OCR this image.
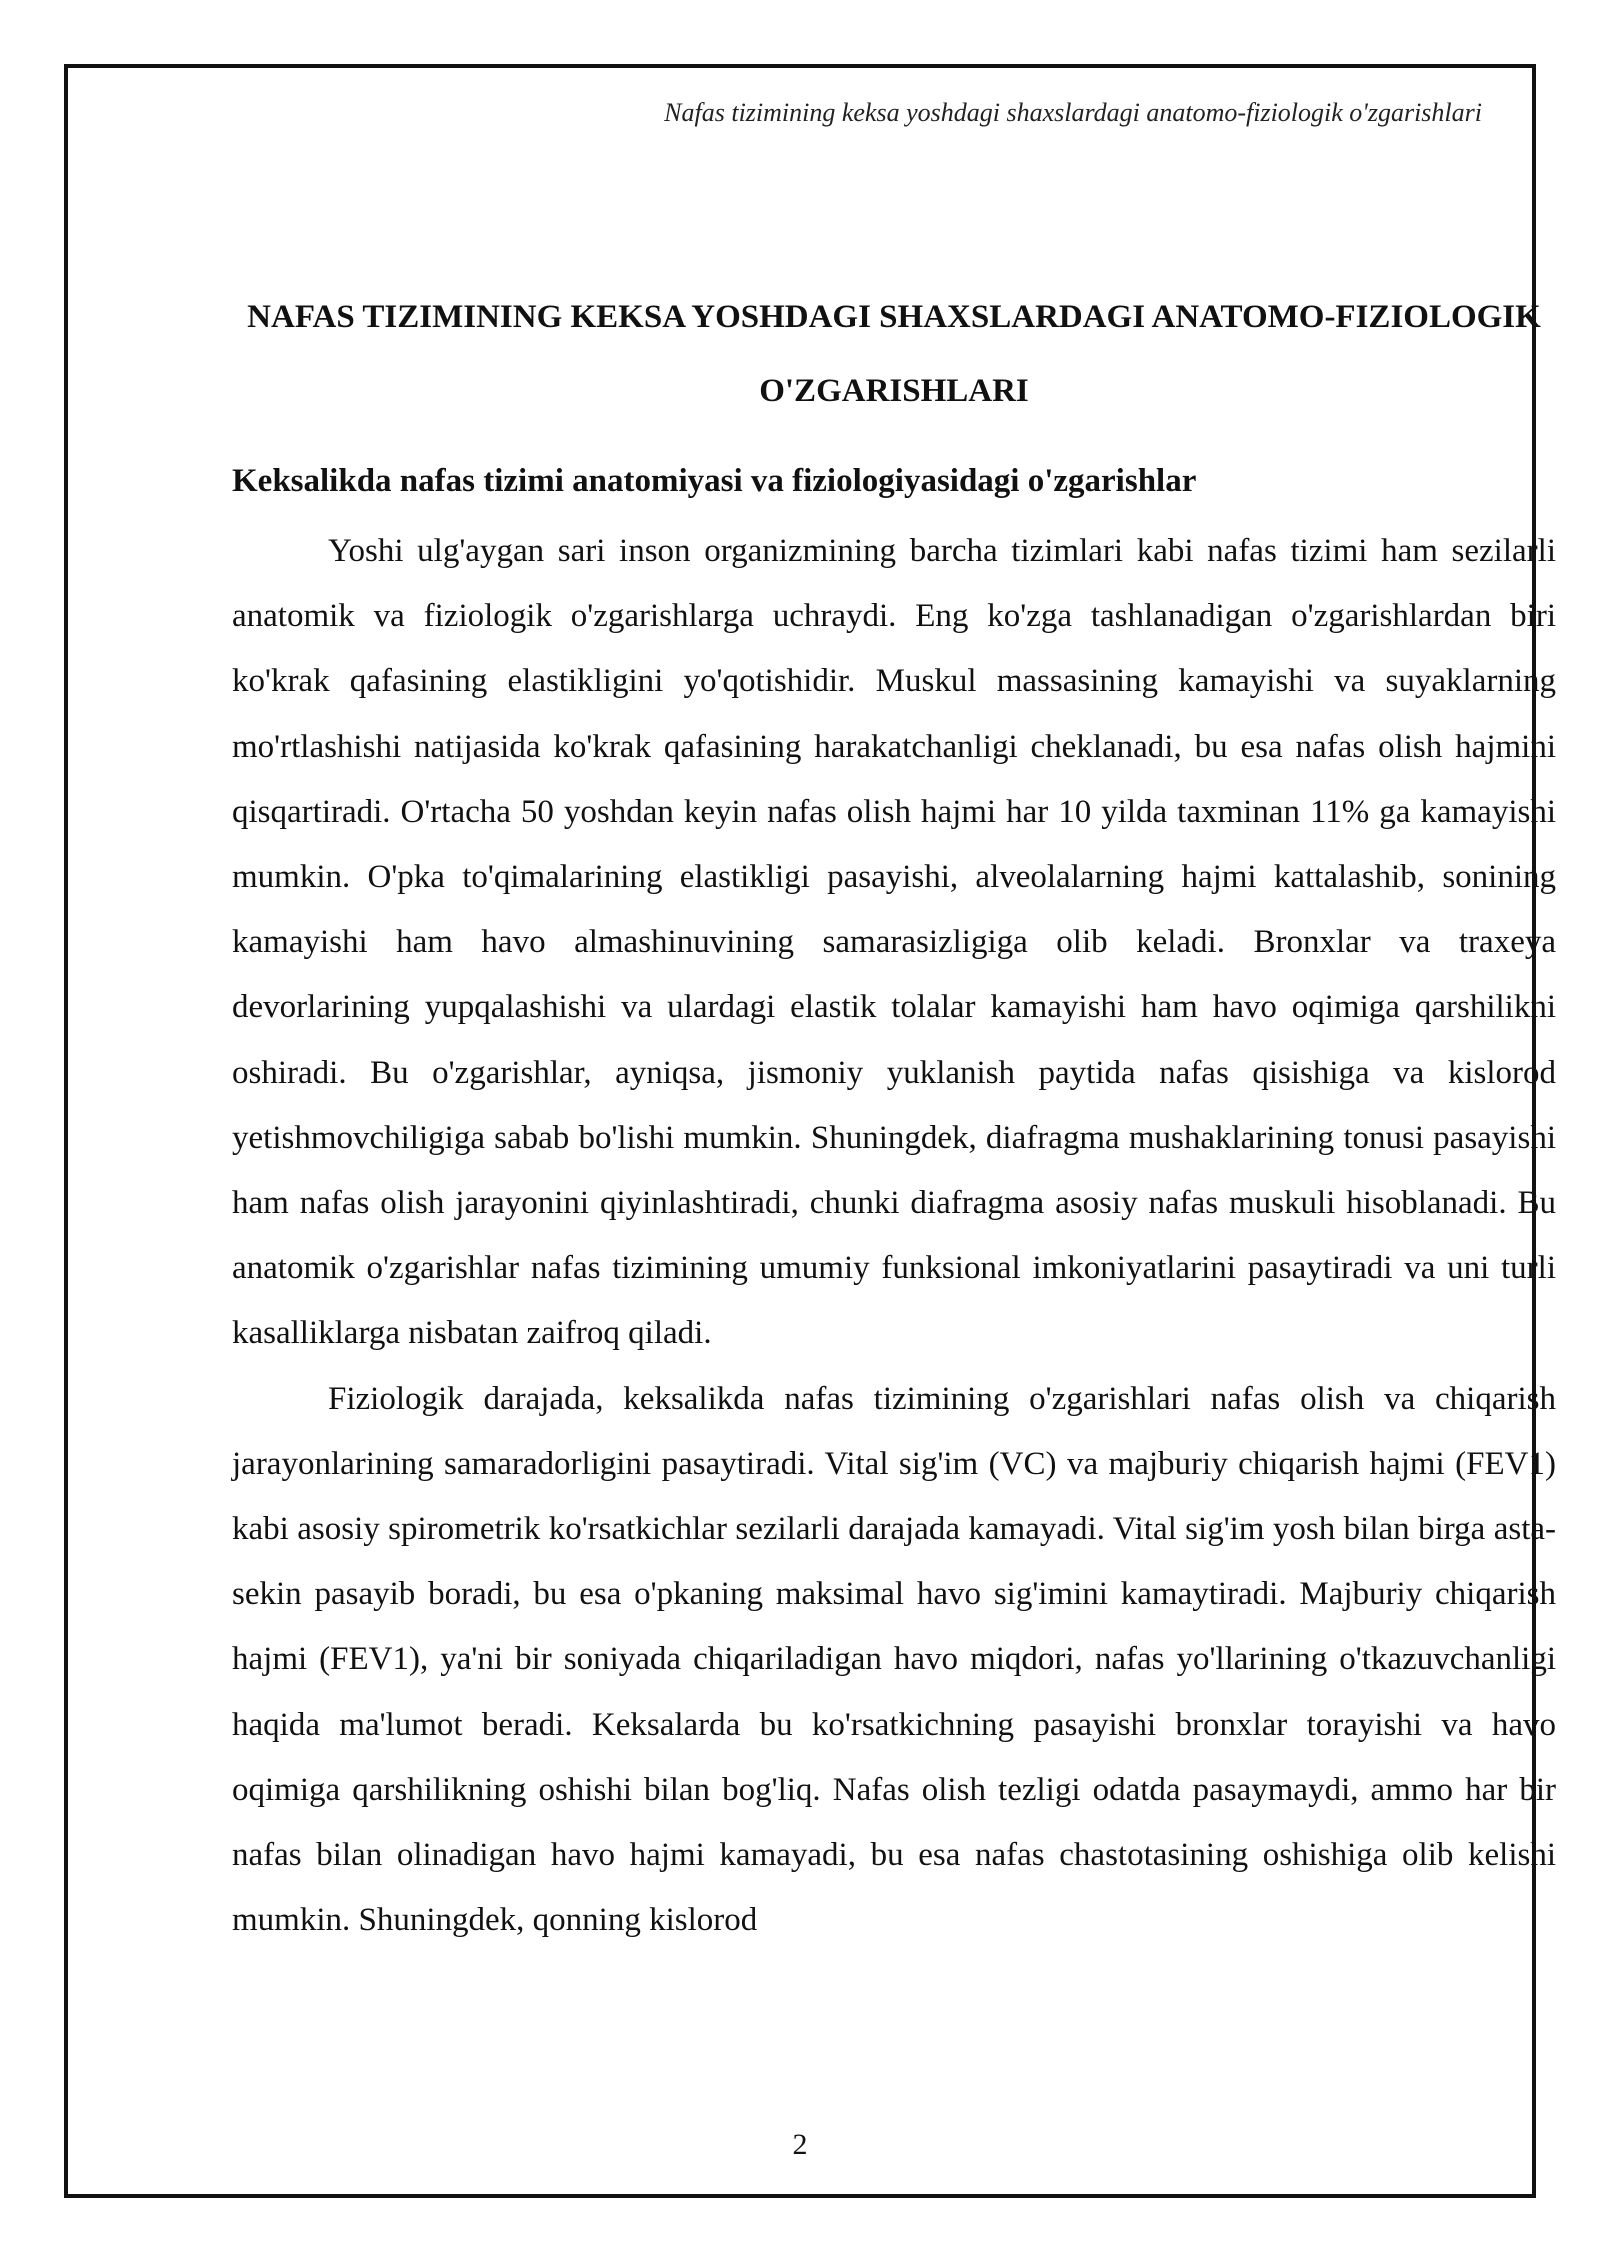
Nafas tizimining keksa yoshdagi shaxslardagi anatomo-fiziologik o'zgarishlari
NAFAS TIZIMINING KEKSA YOSHDAGI SHAXSLARDAGI ANATOMO-FIZIOLOGIK O'ZGARISHLARI
Keksalikda nafas tizimi anatomiyasi va fiziologiyasidagi o'zgarishlar

Yoshi ulg'aygan sari inson organizmining barcha tizimlari kabi nafas tizimi ham sezilarli anatomik va fiziologik o'zgarishlarga uchraydi. Eng ko'zga tashlanadigan o'zgarishlardan biri ko'krak qafasining elastikligini yo'qotishidir. Muskul massasining kamayishi va suyaklarning mo'rtlashishi natijasida ko'krak qafasining harakatchanligi cheklanadi, bu esa nafas olish hajmini qisqartiradi. O'rtacha 50 yoshdan keyin nafas olish hajmi har 10 yilda taxminan 11% ga kamayishi mumkin. O'pka to'qimalarining elastikligi pasayishi, alveolalarning hajmi kattalashib, sonining kamayishi ham havo almashinuvining samarasizligiga olib keladi. Bronxlar va traxeya devorlarining yupqalashishi va ulardagi elastik tolalar kamayishi ham havo oqimiga qarshilikni oshiradi. Bu o'zgarishlar, ayniqsa, jismoniy yuklanish paytida nafas qisishiga va kislorod yetishmovchiligiga sabab bo'lishi mumkin. Shuningdek, diafragma mushaklarining tonusi pasayishi ham nafas olish jarayonini qiyinlashtiradi, chunki diafragma asosiy nafas muskuli hisoblanadi. Bu anatomik o'zgarishlar nafas tizimining umumiy funksional imkoniyatlarini pasaytiradi va uni turli kasalliklarga nisbatan zaifroq qiladi.

Fiziologik darajada, keksalikda nafas tizimining o'zgarishlari nafas olish va chiqarish jarayonlarining samaradorligini pasaytiradi. Vital sig'im (VC) va majburiy chiqarish hajmi (FEV1) kabi asosiy spirometrik ko'rsatkichlar sezilarli darajada kamayadi. Vital sig'im yosh bilan birga asta-sekin pasayib boradi, bu esa o'pkaning maksimal havo sig'imini kamaytiradi. Majburiy chiqarish hajmi (FEV1), ya'ni bir soniyada chiqariladigan havo miqdori, nafas yo'llarining o'tkazuvchanligi haqida ma'lumot beradi. Keksalarda bu ko'rsatkichning pasayishi bronxlar torayishi va havo oqimiga qarshilikning oshishi bilan bog'liq. Nafas olish tezligi odatda pasaymaydi, ammo har bir nafas bilan olinadigan havo hajmi kamayadi, bu esa nafas chastotasining oshishiga olib kelishi mumkin. Shuningdek, qonning kislorod

2
